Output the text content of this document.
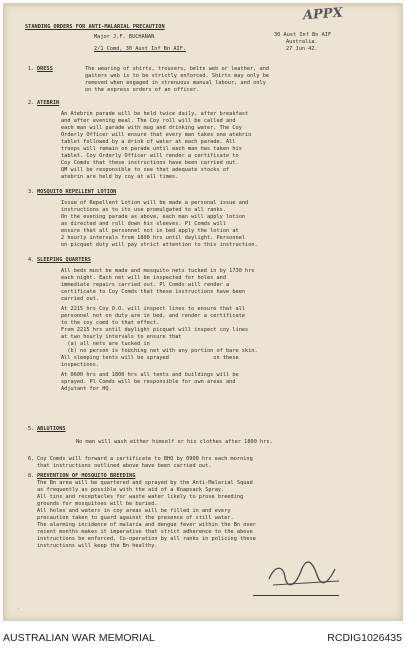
APPX
STANDING ORDERS FOR ANTI-MALARIAL PRECAUTION
30 Aust Inf Bn AIF
Australia.
27 Jun 42.
Major J.F. BUCHANAN
2/1 Comd, 30 Aust Inf Bn AIF.
1. DRESS	The wearing of shirts, trousers, belts web or leather, and
gaiters web is to be strictly enforced. Shirts may only be
removed when engaged in strenuous manual labour, and only
on the express orders of an officer.
2. ATEBRIN
An Atebrin parade will be held twice daily, after breakfast
and after evening meal. The Coy roll will be called and
each man will parade with mug and drinking water. The Coy
Orderly Officer will ensure that every man takes one atebrin
tablet followed by a drink of water at each parade. All
troops will remain on parade until each man has taken his
tablet. Coy Orderly Officer will render a certificate to
Coy Comds that these instructions have been carried out.
QM will be responsible to see that adequate stocks of
atebrin are held by coy at all times.
3. MOSQUITO REPELLENT LOTION
Issue of Repellent Lotion will be made a personal issue and
instructions as to its use promulgated to all ranks.
On the evening parade as above, each man will apply lotion
as directed and roll down his sleeves. Pl Comds will
ensure that all personnel not in bed apply the lotion at
2 hourly intervals from 1800 hrs until daylight. Personnel
on picquet duty will pay strict attention to this instruction.
4. SLEEPING QUARTERS
All beds must be made and mosquito nets tucked in by 1730 hrs
each night. Each net will be inspected for holes and
immediate repairs carried out. Pl Comds will render a
certificate to Coy Comds that these instructions have been
carried out.
At 2215 hrs Coy O.O. will inspect lines to ensure that all
personnel not on duty are in bed, and render a certificate
to the coy comd to that effect.
From 2215 hrs until daylight picquet will inspect coy lines
at two hourly intervals to ensure that
(a) all nets are tucked in
(b) no person is touching net with any portion of bare skin.
All sleeping tents will be sprayed              on these
inspections.
At 0600 hrs and 1800 hrs all tents and buildings will be
sprayed. Pl Comds will be responsible for own areas and
Adjutant for HQ.
5. ABLUTIONS
No man will wash either himself or his clothes after 1800 hrs.
6. Coy Comds will forward a certificate to BHQ by 0900 hrs each morning
that instructions outlined above have been carried out.
8. PREVENTION OF MOSQUITO BREEDING
The Bn area will be quartered and sprayed by the Anti-Malarial Squad
as frequently as possible with the aid of a Knapsack Spray.
All tins and receptacles for waste water likely to prove breeding
grounds for mosquitoes will be buried.
All holes and waters in coy areas will be filled in and every
precaution taken to guard against the presence of still water.
The alarming incidence of malaria and dengue fever within the Bn over
recent months makes it imperative that strict adherence to the above
instructions be enforced. Co-operation by all ranks in policing these
instructions will keep the Bn healthy.
·
AUSTRALIAN WAR MEMORIAL	RCDIG1026435
